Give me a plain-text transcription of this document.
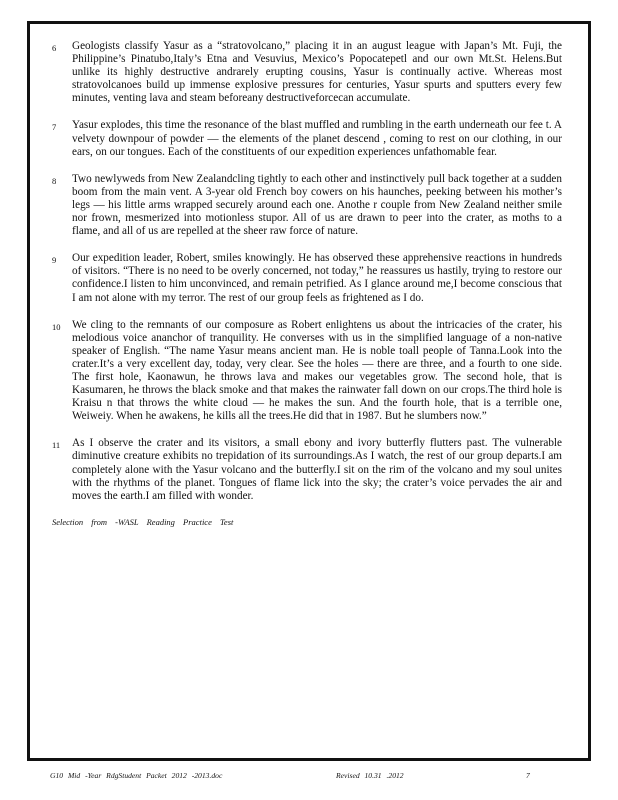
6	Geologists classify Yasur as a “stratovolcano,” placing it in an august league with Japan’s Mt. Fuji, the Philippine’s Pinatubo,Italy’s Etna and Vesuvius, Mexico’s Popocatepetl and our own Mt.St. Helens.But unlike its highly destructive andrarely erupting cousins, Yasur is continually active. Whereas most stratovolcanoes build up immense explosive pressures for centuries, Yasur spurts and sputters every few minutes, venting lava and steam beforeany destructiveforcecan accumulate.
7	Yasur explodes, this time the resonance of the blast muffled and rumbling in the earth underneath our fee t. A velvety downpour of powder — the elements of the planet descend , coming to rest on our clothing, in our ears, on our tongues. Each of the constituents of our expedition experiences unfathomable fear.
8	Two newlyweds from New Zealandcling tightly to each other and instinctively pull back together at a sudden boom from the main vent. A 3-year old French boy cowers on his haunches, peeking between his mother’s legs — his little arms wrapped securely around each one. Anothe r couple from New Zealand neither smile nor frown, mesmerized into motionless stupor. All of us are drawn to peer into the crater, as moths to a flame, and all of us are repelled at the sheer raw force of nature.
9	Our expedition leader, Robert, smiles knowingly. He has observed these apprehensive reactions in hundreds of visitors. “There is no need to be overly concerned, not today,” he reassures us hastily, trying to restore our confidence.I listen to him unconvinced, and remain petrified. As I glance around me,I become conscious that I am not alone with my terror. The rest of our group feels as frightened as I do.
10	We cling to the remnants of our composure as Robert enlightens us about the intricacies of the crater, his melodious voice ananchor of tranquility. He converses with us in the simplified language of a non-native speaker of English. “The name Yasur means ancient man. He is noble toall people of Tanna.Look into the crater.It’s a very excellent day, today, very clear. See the holes — there are three, and a fourth to one side. The first hole, Kaonawun, he throws lava and makes our vegetables grow. The second hole, that is Kasumaren, he throws the black smoke and that makes the rainwater fall down on our crops.The third hole is Kraisu n that throws the white cloud — he makes the sun. And the fourth hole, that is a terrible one, Weiweiy. When he awakens, he kills all the trees.He did that in 1987. But he slumbers now.”
11	As I observe the crater and its visitors, a small ebony and ivory butterfly flutters past. The vulnerable diminutive creature exhibits no trepidation of its surroundings.As I watch, the rest of our group departs.I am completely alone with the Yasur volcano and the butterfly.I sit on the rim of the volcano and my soul unites with the rhythms of the planet. Tongues of flame lick into the sky; the crater’s voice pervades the air and moves the earth.I am filled with wonder.
Selection from -WASL Reading Practice Test
G10 Mid -Year RdgStudent Packet 2012 -2013.doc	Revised 10.31 .2012	7
